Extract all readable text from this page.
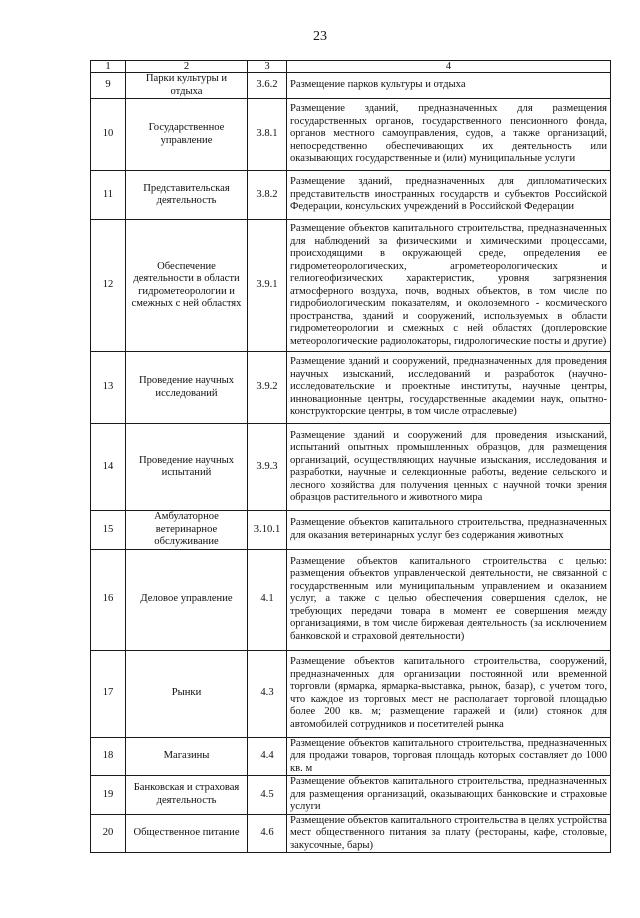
23
1	2	3	4
9	Парки культуры и отдыха	3.6.2	Размещение парков культуры и отдыха
10	Государственное управление	3.8.1	Размещение зданий, предназначенных для размещения государственных органов, государственного пенсионного фонда, органов местного самоуправления, судов, а также организаций, непосредственно обеспечивающих их деятельность или оказывающих государственные и (или) муниципальные услуги
11	Представительская деятельность	3.8.2	Размещение зданий, предназначенных для дипломатических представительств иностранных государств и субъектов Российской Федерации, консульских учреждений в Российской Федерации
12	Обеспечение деятельности в области гидрометеорологии и смежных с ней областях	3.9.1	Размещение объектов капитального строительства, предназначенных для наблюдений за физическими и химическими процессами, происходящими в окружающей среде, определения ее гидрометеорологических, агрометеорологических и гелиогеофизических характеристик, уровня загрязнения атмосферного воздуха, почв, водных объектов, в том числе по гидробиологическим показателям, и околоземного - космического пространства, зданий и сооружений, используемых в области гидрометеорологии и смежных с ней областях (доплеровские метеорологические радиолокаторы, гидрологические посты и другие)
13	Проведение научных исследований	3.9.2	Размещение зданий и сооружений, предназначенных для проведения научных изысканий, исследований и разработок (научно-исследовательские и проектные институты, научные центры, инновационные центры, государственные академии наук, опытно-конструкторские центры, в том числе отраслевые)
14	Проведение научных испытаний	3.9.3	Размещение зданий и сооружений для проведения изысканий, испытаний опытных промышленных образцов, для размещения организаций, осуществляющих научные изыскания, исследования и разработки, научные и селекционные работы, ведение сельского и лесного хозяйства для получения ценных с научной точки зрения образцов растительного и животного мира
15	Амбулаторное ветеринарное обслуживание	3.10.1	Размещение объектов капитального строительства, предназначенных для оказания ветеринарных услуг без содержания животных
16	Деловое управление	4.1	Размещение объектов капитального строительства с целью: размещения объектов управленческой деятельности, не связанной с государственным или муниципальным управлением и оказанием услуг, а также с целью обеспечения совершения сделок, не требующих передачи товара в момент ее совершения между организациями, в том числе биржевая деятельность (за исключением банковской и страховой деятельности)
17	Рынки	4.3	Размещение объектов капитального строительства, сооружений, предназначенных для организации постоянной или временной торговли (ярмарка, ярмарка-выставка, рынок, базар), с учетом того, что каждое из торговых мест не располагает торговой площадью более 200 кв. м; размещение гаражей и (или) стоянок для автомобилей сотрудников и посетителей рынка
18	Магазины	4.4	Размещение объектов капитального строительства, предназначенных для продажи товаров, торговая площадь которых составляет до 1000 кв. м
19	Банковская и страховая деятельность	4.5	Размещение объектов капитального строительства, предназначенных для размещения организаций, оказывающих банковские и страховые услуги
20	Общественное питание	4.6	Размещение объектов капитального строительства в целях устройства мест общественного питания за плату (рестораны, кафе, столовые, закусочные, бары)
